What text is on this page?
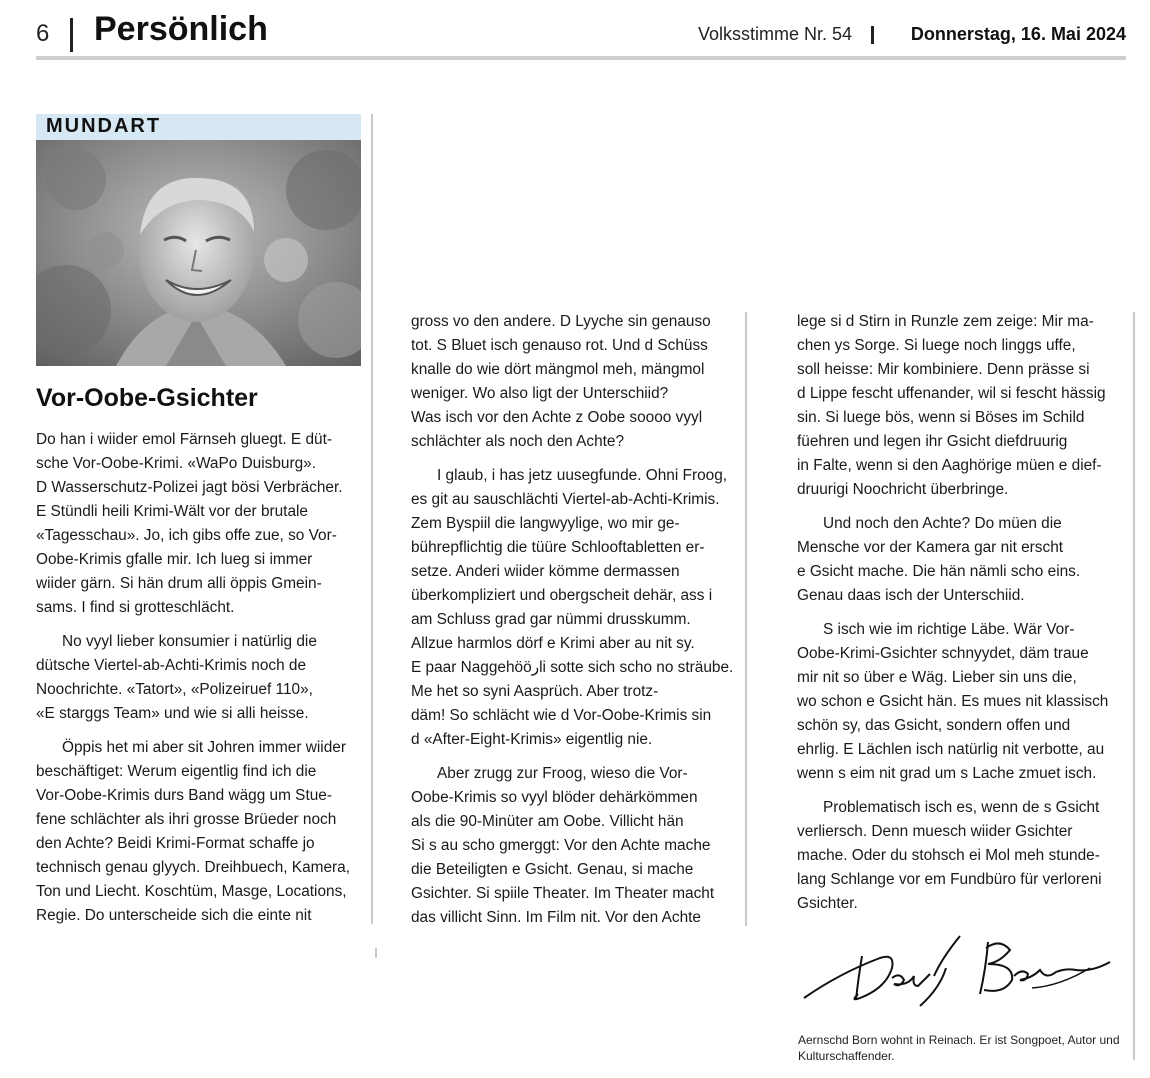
6 Persönlich	Volksstimme Nr. 54	Donnerstag, 16. Mai 2024
MUNDART
Vor-Oobe-Gsichter

Do han i wiider emol Färnseh gluegt. E düt-
sche Vor-Oobe-Krimi. «WaPo Duisburg».
D Wasserschutz-Polizei jagt bösi Verbrächer.
E Stündli heili Krimi-Wält vor der brutale
«Tagesschau». Jo, ich gibs offe zue, so Vor-
Oobe-Krimis gfalle mir. Ich lueg si immer
wiider gärn. Si hän drum alli öppis Gmein-
sams. I find si grotteschlächt.

No vyyl lieber konsumier i natürlig die
dütsche Viertel-ab-Achti-Krimis noch de
Noochrichte. «Tatort», «Polizeiruef 110»,
«E starggs Team» und wie si alli heisse.

Öppis het mi aber sit Johren immer wiider
beschäftiget: Werum eigentlig find ich die
Vor-Oobe-Krimis durs Band wägg um Stue-
fene schlächter als ihri grosse Brüeder noch
den Achte? Beidi Krimi-Format schaffe jo
technisch genau glyych. Dreihbuech, Kamera,
Ton und Liecht. Koschtüm, Masge, Locations,
Regie. Do unterscheide sich die einte nit

gross vo den andere. D Lyyche sin genauso
tot. S Bluet isch genauso rot. Und d Schüss
knalle do wie dört mängmol meh, mängmol
weniger. Wo also ligt der Unterschiid?
Was isch vor den Achte z Oobe soooo vyyl
schlächter als noch den Achte?

I glaub, i has jetz uusegfunde. Ohni Froog,
es git au sauschlächti Viertel-ab-Achti-Krimis.
Zem Byspiil die langwyylige, wo mir ge-
bührepflichtig die tüüre Schlooftabletten er-
setze. Anderi wiider kömme dermassen
überkompliziert und obergscheit dehär, ass i
am Schluss grad gar nümmi drusskumm.
Allzue harmlos dörf e Krimi aber au nit sy.
E paar Naggehööرli sotte sich scho no sträube.
Me het so syni Aasprüch. Aber trotz-
däm! So schlächt wie d Vor-Oobe-Krimis sin
d «After-Eight-Krimis» eigentlig nie.

Aber zrugg zur Froog, wieso die Vor-
Oobe-Krimis so vyyl blöder dehärkömmen
als die 90-Minüter am Oobe. Villicht hän
Si s au scho gmerggt: Vor den Achte mache
die Beteiligten e Gsicht. Genau, si mache
Gsichter. Si spiile Theater. Im Theater macht
das villicht Sinn. Im Film nit. Vor den Achte

lege si d Stirn in Runzle zem zeige: Mir ma-
chen ys Sorge. Si luege noch linggs uffe,
soll heisse: Mir kombiniere. Denn prässe si
d Lippe fescht uffenander, wil si fescht hässig
sin. Si luege bös, wenn si Böses im Schild
füehren und legen ihr Gsicht diefdruurig
in Falte, wenn si den Aaghörige müen e dief-
druurigi Noochricht überbringe.

Und noch den Achte? Do müen die
Mensche vor der Kamera gar nit erscht
e Gsicht mache. Die hän nämli scho eins.
Genau daas isch der Unterschiid.

S isch wie im richtige Läbe. Wär Vor-
Oobe-Krimi-Gsichter schnyydet, däm traue
mir nit so über e Wäg. Lieber sin uns die,
wo schon e Gsicht hän. Es mues nit klassisch
schön sy, das Gsicht, sondern offen und
ehrlig. E Lächlen isch natürlig nit verbotte, au
wenn s eim nit grad um s Lache zmuet isch.

Problematisch isch es, wenn de s Gsicht
verliersch. Denn muesch wiider Gsichter
mache. Oder du stohsch ei Mol meh stunde-
lang Schlange vor em Fundbüro für verloreni
Gsichter.

Aernschd Born wohnt in Reinach. Er ist Songpoet, Autor und Kulturschaffender.
